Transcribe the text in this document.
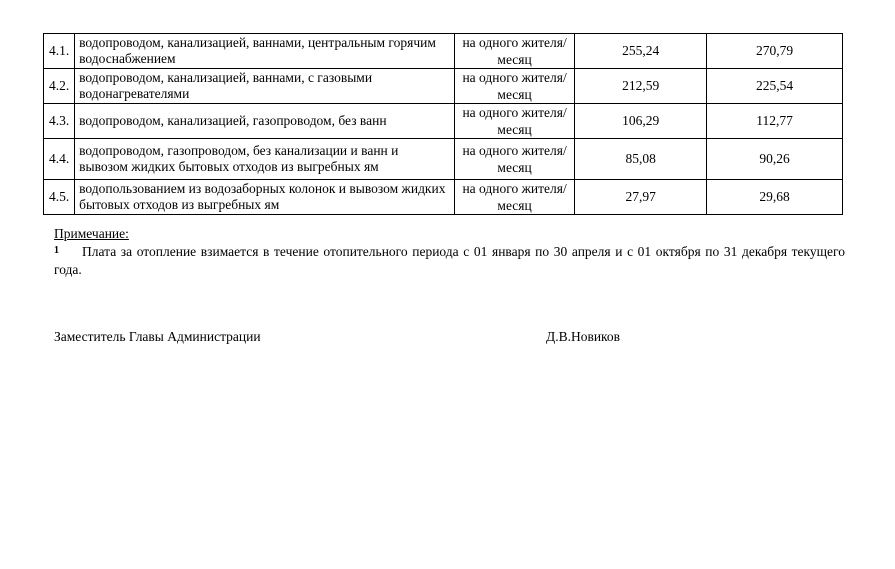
4.1.	водопроводом, канализацией, ваннами, центральным горячим водоснабжением	на одного жителя/месяц	255,24	270,79
4.2.	водопроводом, канализацией, ваннами, с газовыми водонагревателями	на одного жителя/месяц	212,59	225,54
4.3.	водопроводом, канализацией, газопроводом, без ванн	на одного жителя/месяц	106,29	112,77
4.4.	водопроводом, газопроводом, без канализации и ванн и вывозом жидких бытовых отходов из выгребных ям	на одного жителя/месяц	85,08	90,26
4.5.	водопользованием из водозаборных колонок и вывозом жидких бытовых отходов из выгребных ям	на одного жителя/месяц	27,97	29,68
Примечание:
$^1$ Плата за отопление взимается в течение отопительного периода с 01 января по 30 апреля и с 01 октября по 31 декабря текущего года.
Заместитель Главы Администрации	Д.В.Новиков
